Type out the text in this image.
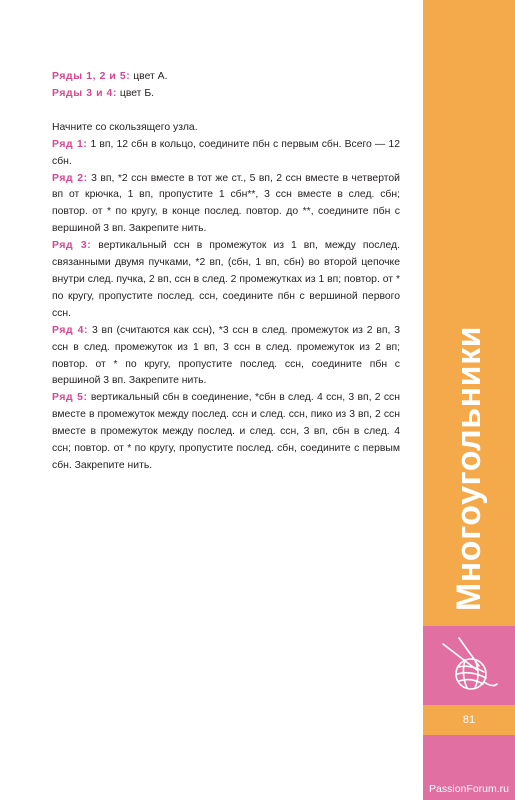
Многоугольники
81
PassionForum.ru

Ряды 1, 2 и 5: цвет А.

Ряды 3 и 4: цвет Б.

Начните со скользящего узла.

Ряд 1: 1 вп, 12 сбн в кольцо, соедините пбн с первым сбн. Всего — 12 сбн.

Ряд 2: 3 вп, *2 ссн вместе в тот же ст., 5 вп, 2 ссн вместе в четвертой вп от крючка, 1 вп, пропустите 1 сбн**, 3 ссн вместе в след. сбн; повтор. от * по кругу, в конце послед. повтор. до **, соедините пбн с вершиной 3 вп. Закрепите нить.

Ряд 3: вертикальный ссн в промежуток из 1 вп, между послед. связанными двумя пучками, *2 вп, (сбн, 1 вп, сбн) во второй цепочке внутри след. пучка, 2 вп, ссн в след. 2 промежутках из 1 вп; повтор. от * по кругу, пропустите послед. ссн, соедините пбн с вершиной первого ссн.

Ряд 4: 3 вп (считаются как ссн), *3 ссн в след. промежуток из 2 вп, 3 ссн в след. промежуток из 1 вп, 3 ссн в след. промежуток из 2 вп; повтор. от * по кругу, пропустите послед. ссн, соедините пбн с вершиной 3 вп. Закрепите нить.

Ряд 5: вертикальный сбн в соединение, *сбн в след. 4 ссн, 3 вп, 2 ссн вместе в промежуток между послед. ссн и след. ссн, пико из 3 вп, 2 ссн вместе в промежуток между послед. и след. ссн, 3 вп, сбн в след. 4 ссн; повтор. от * по кругу, пропустите послед. сбн, соедините с первым сбн. Закрепите нить.
